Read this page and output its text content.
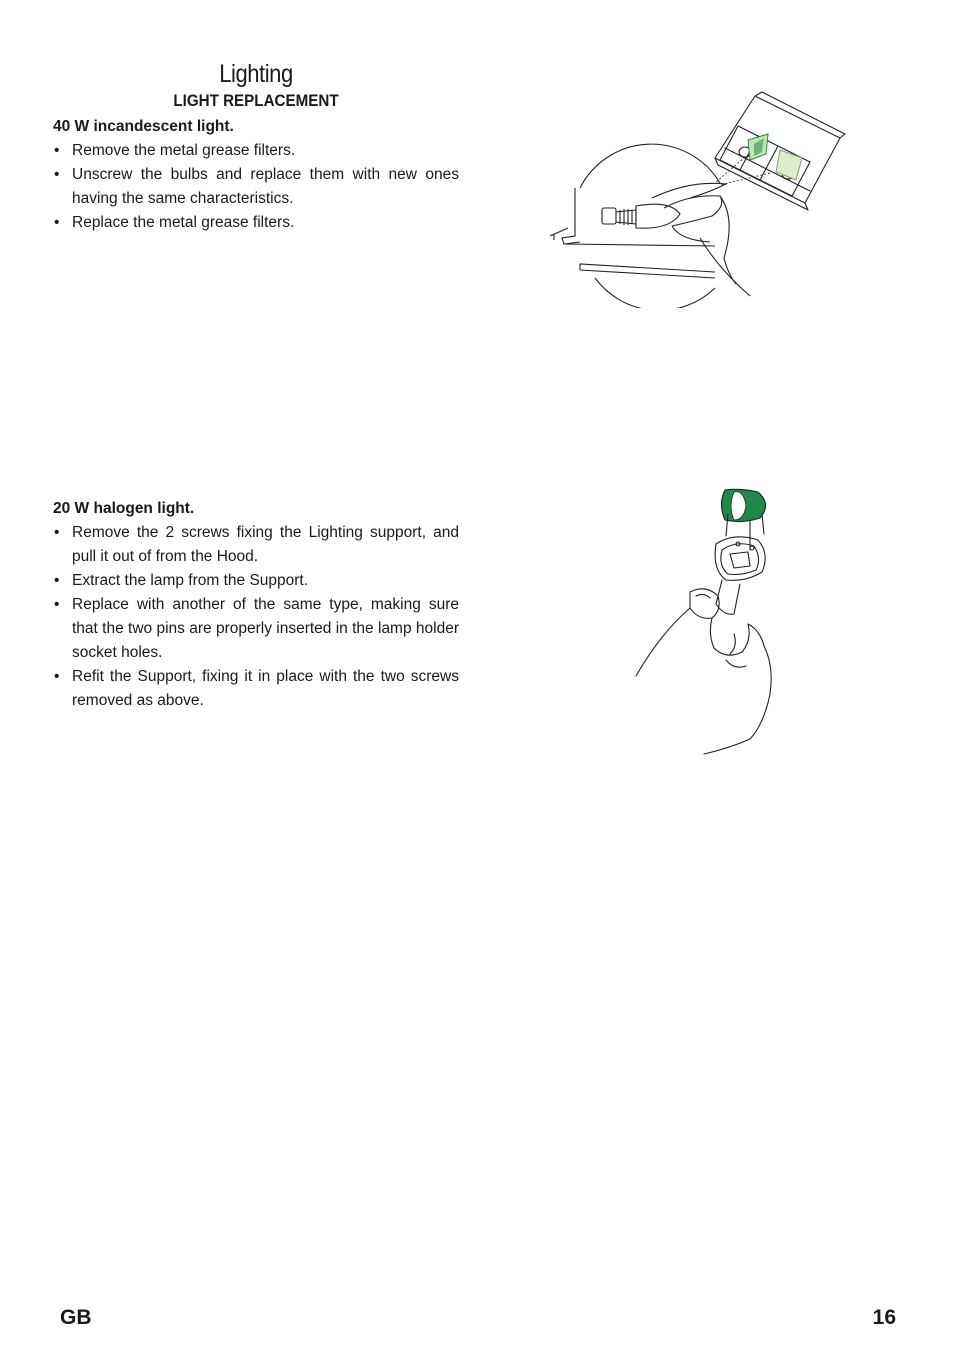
Lighting
LIGHT REPLACEMENT

40 W incandescent light.

• Remove the metal grease filters.
• Unscrew the bulbs and replace them with new ones having the same characteristics.
• Replace the metal grease filters.

20 W halogen light.

• Remove the 2 screws fixing the Lighting support, and pull it out of from the Hood.
• Extract the lamp from the Support.
• Replace with another of the same type, making sure that the two pins are properly inserted in the lamp holder socket holes.
• Refit the Support, fixing it in place with the two screws removed as above.
GB	16
